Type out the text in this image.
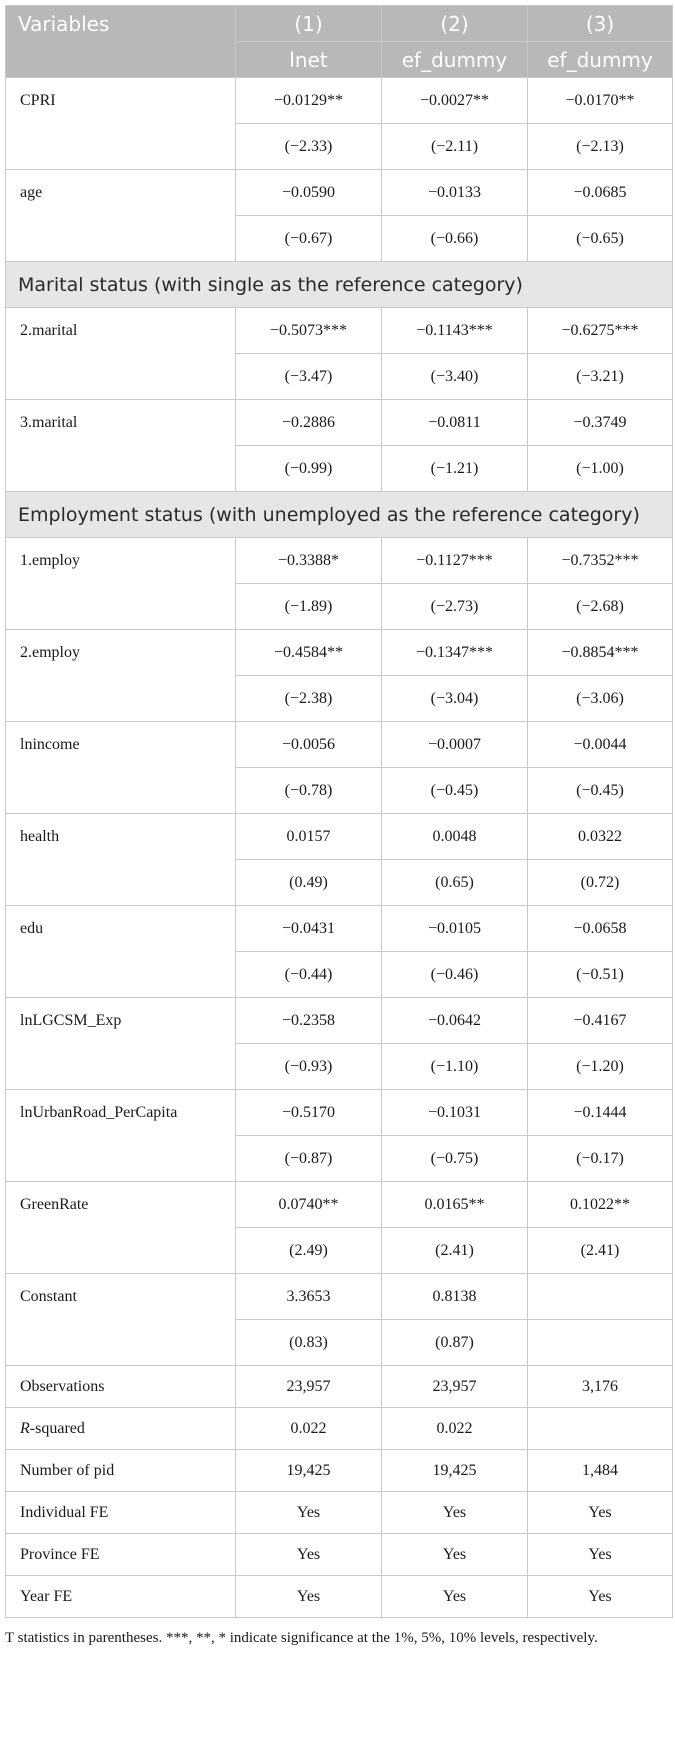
Variables	(1)	(2)	(3)
	lnet	ef_dummy	ef_dummy
CPRI	−0.0129**	−0.0027**	−0.0170**
	(−2.33)	(−2.11)	(−2.13)
age	−0.0590	−0.0133	−0.0685
	(−0.67)	(−0.66)	(−0.65)
Marital status (with single as the reference category)			
2.marital	−0.5073***	−0.1143***	−0.6275***
	(−3.47)	(−3.40)	(−3.21)
3.marital	−0.2886	−0.0811	−0.3749
	(−0.99)	(−1.21)	(−1.00)
Employment status (with unemployed as the reference category)			
1.employ	−0.3388*	−0.1127***	−0.7352***
	(−1.89)	(−2.73)	(−2.68)
2.employ	−0.4584**	−0.1347***	−0.8854***
	(−2.38)	(−3.04)	(−3.06)
lnincome	−0.0056	−0.0007	−0.0044
	(−0.78)	(−0.45)	(−0.45)
health	0.0157	0.0048	0.0322
	(0.49)	(0.65)	(0.72)
edu	−0.0431	−0.0105	−0.0658
	(−0.44)	(−0.46)	(−0.51)
lnLGCSM_Exp	−0.2358	−0.0642	−0.4167
	(−0.93)	(−1.10)	(−1.20)
lnUrbanRoad_PerCapita	−0.5170	−0.1031	−0.1444
	(−0.87)	(−0.75)	(−0.17)
GreenRate	0.0740**	0.0165**	0.1022**
	(2.49)	(2.41)	(2.41)
Constant	3.3653	0.8138	
	(0.83)	(0.87)	
Observations	23,957	23,957	3,176
R-squared	0.022	0.022	
Number of pid	19,425	19,425	1,484
Individual FE	Yes	Yes	Yes
Province FE	Yes	Yes	Yes
Year FE	Yes	Yes	Yes
T statistics in parentheses. ***, **, * indicate significance at the 1%, 5%, 10% levels, respectively.
